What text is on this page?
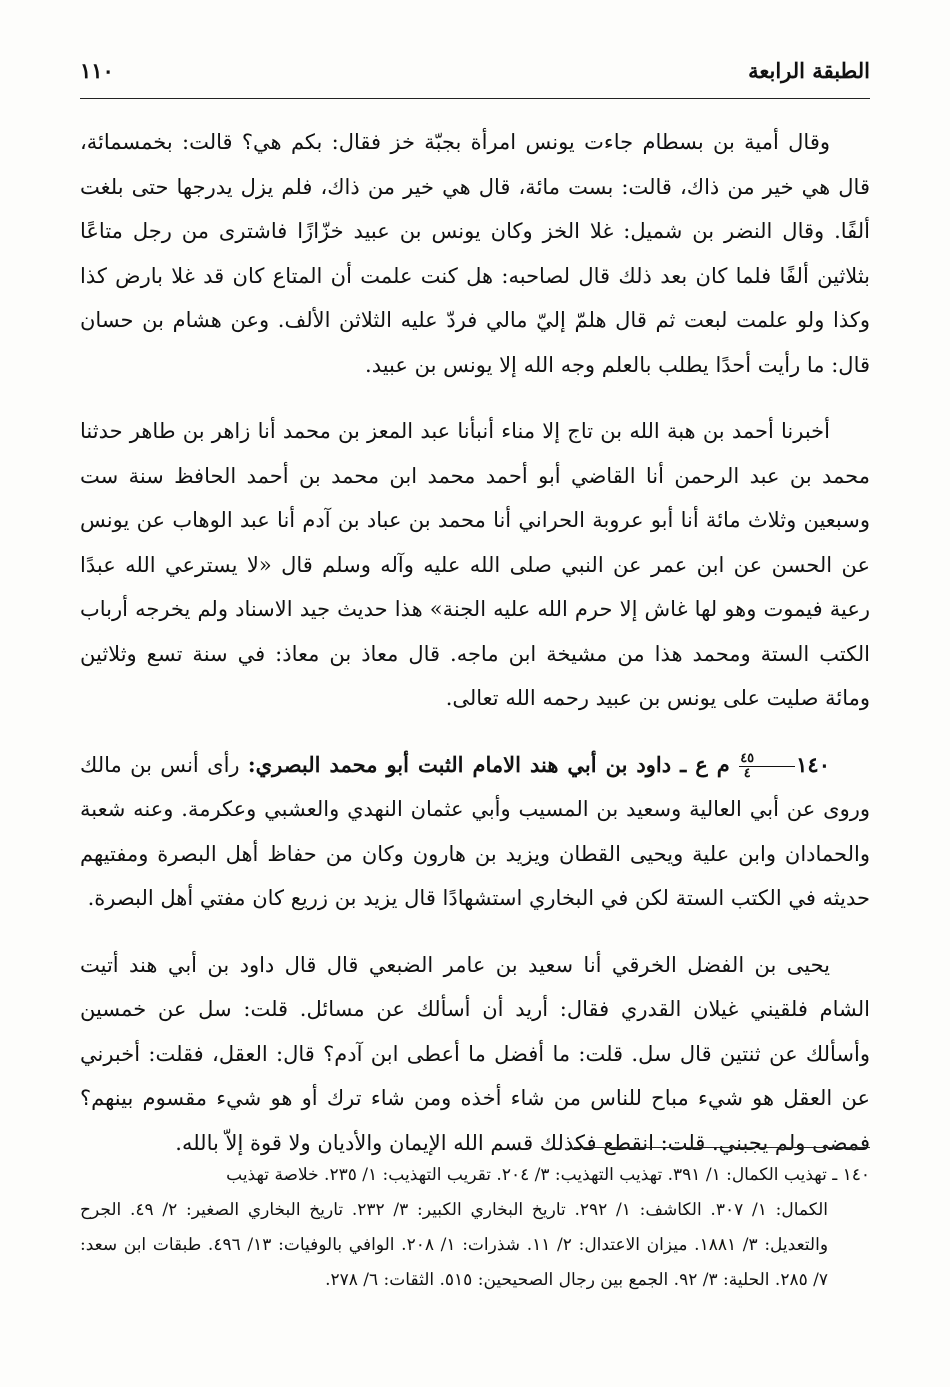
الطبقة الرابعة
١١٠

وقال أمية بن بسطام جاءت يونس امرأة بجبّة خز فقال: بكم هي؟ قالت: بخمسمائة، قال هي خير من ذاك، قالت: بست مائة، قال هي خير من ذاك، فلم يزل يدرجها حتى بلغت ألفًا. وقال النضر بن شميل: غلا الخز وكان يونس بن عبيد خزّازًا فاشترى من رجل متاعًا بثلاثين ألفًا فلما كان بعد ذلك قال لصاحبه: هل كنت علمت أن المتاع كان قد غلا بارض كذا وكذا ولو علمت لبعت ثم قال هلمّ إليّ مالي فردّ عليه الثلاثن الألف. وعن هشام بن حسان قال: ما رأيت أحدًا يطلب بالعلم وجه الله إلا يونس بن عبيد.

أخبرنا أحمد بن هبة الله بن تاج إلا مناء أنبأنا عبد المعز بن محمد أنا زاهر بن طاهر حدثنا محمد بن عبد الرحمن أنا القاضي أبو أحمد محمد ابن محمد بن أحمد الحافظ سنة ست وسبعين وثلاث مائة أنا أبو عروبة الحراني أنا محمد بن عباد بن آدم أنا عبد الوهاب عن يونس عن الحسن عن ابن عمر عن النبي صلى الله عليه وآله وسلم قال «لا يسترعي الله عبدًا رعية فيموت وهو لها غاش إلا حرم الله عليه الجنة» هذا حديث جيد الاسناد ولم يخرجه أرباب الكتب الستة ومحمد هذا من مشيخة ابن ماجه. قال معاذ بن معاذ: في سنة تسع وثلاثين ومائة صليت على يونس بن عبيد رحمه الله تعالى.

١٤٠
$\frac{٤٥}{٤}$
م ع ـ داود بن أبي هند الامام الثبت أبو محمد البصري: رأى أنس بن مالك وروى عن أبي العالية وسعيد بن المسيب وأبي عثمان النهدي والعشبي وعكرمة. وعنه شعبة والحمادان وابن علية ويحيى القطان ويزيد بن هارون وكان من حفاظ أهل البصرة ومفتيهم حديثه في الكتب الستة لكن في البخاري استشهادًا قال يزيد بن زريع كان مفتي أهل البصرة.

يحيى بن الفضل الخرقي أنا سعيد بن عامر الضبعي قال قال داود بن أبي هند أتيت الشام فلقيني غيلان القدري فقال: أريد أن أسألك عن مسائل. قلت: سل عن خمسين وأسألك عن ثنتين قال سل. قلت: ما أفضل ما أعطى ابن آدم؟ قال: العقل، فقلت: أخبرني عن العقل هو شيء مباح للناس من شاء أخذه ومن شاء ترك أو هو شيء مقسوم بينهم؟ فمضى ولم يجبني. قلت: انقطع فكذلك قسم الله الإيمان والأديان ولا قوة إلاّ بالله.

١٤٠ ـ تهذيب الكمال: ١/ ٣٩١. تهذيب التهذيب: ٣/ ٢٠٤. تقريب التهذيب: ١/ ٢٣٥. خلاصة تهذيب

الكمال: ١/ ٣٠٧. الكاشف: ١/ ٢٩٢. تاريخ البخاري الكبير: ٣/ ٢٣٢. تاريخ البخاري الصغير: ٢/ ٤٩. الجرح والتعديل: ٣/ ١٨٨١. ميزان الاعتدال: ٢/ ١١. شذرات: ١/ ٢٠٨. الوافي بالوفيات: ١٣/ ٤٩٦. طبقات ابن سعد: ٧/ ٢٨٥. الحلية: ٣/ ٩٢. الجمع بين رجال الصحيحين: ٥١٥. الثقات: ٦/ ٢٧٨.
